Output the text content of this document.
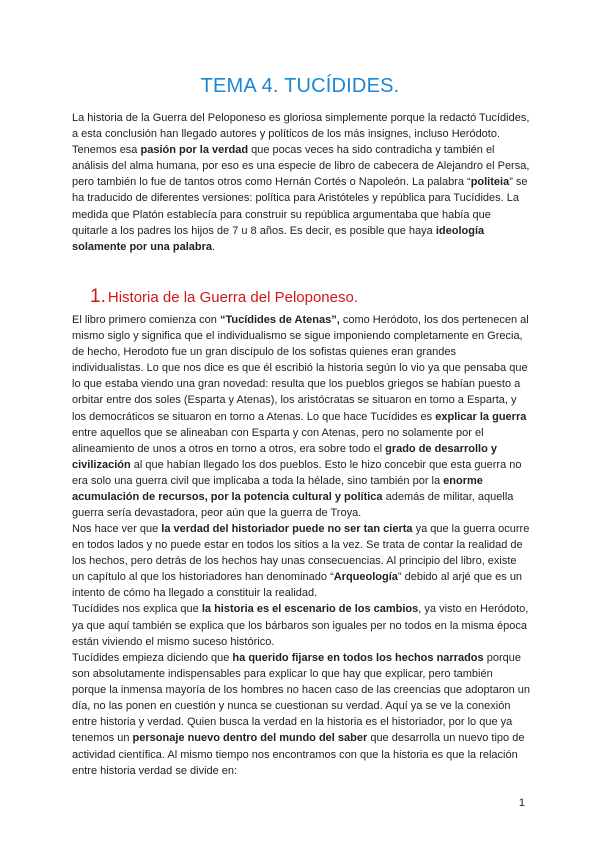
TEMA 4. TUCÍDIDES.

La historia de la Guerra del Peloponeso es gloriosa simplemente porque la redactó Tucídides, a esta conclusión han llegado autores y políticos de los más insignes, incluso Heródoto. Tenemos esa pasión por la verdad que pocas veces ha sido contradicha y también el análisis del alma humana, por eso es una especie de libro de cabecera de Alejandro el Persa, pero también lo fue de tantos otros como Hernán Cortés o Napoleón. La palabra “politeia” se ha traducido de diferentes versiones: política para Aristóteles y república para Tucídides. La medida que Platón establecía para construir su república argumentaba que había que quitarle a los padres los hijos de 7 u 8 años. Es decir, es posible que haya ideología solamente por una palabra.

1. Historia de la Guerra del Peloponeso.

El libro primero comienza con “Tucídides de Atenas”, como Heródoto, los dos pertenecen al mismo siglo y significa que el individualismo se sigue imponiendo completamente en Grecia, de hecho, Herodoto fue un gran discípulo de los sofistas quienes eran grandes individualistas. Lo que nos dice es que él escribió la historia según lo vio ya que pensaba que lo que estaba viendo una gran novedad: resulta que los pueblos griegos se habían puesto a orbitar entre dos soles (Esparta y Atenas), los aristócratas se situaron en torno a Esparta, y los democráticos se situaron en torno a Atenas. Lo que hace Tucídides es explicar la guerra entre aquellos que se alineaban con Esparta y con Atenas, pero no solamente por el alineamiento de unos a otros en torno a otros, era sobre todo el grado de desarrollo y civilización al que habían llegado los dos pueblos. Esto le hizo concebir que esta guerra no era solo una guerra civil que implicaba a toda la hélade, sino también por la enorme acumulación de recursos, por la potencia cultural y política además de militar, aquella guerra sería devastadora, peor aún que la guerra de Troya.

Nos hace ver que la verdad del historiador puede no ser tan cierta ya que la guerra ocurre en todos lados y no puede estar en todos los sitios a la vez. Se trata de contar la realidad de los hechos, pero detrás de los hechos hay unas consecuencias. Al principio del libro, existe un capítulo al que los historiadores han denominado “Arqueología” debido al arjé que es un intento de cómo ha llegado a constituir la realidad.
Tucídides nos explica que la historia es el escenario de los cambios, ya visto en Heródoto, ya que aquí también se explica que los bárbaros son iguales per no todos en la misma época están viviendo el mismo suceso histórico.

Tucídides empieza diciendo que ha querido fijarse en todos los hechos narrados porque son absolutamente indispensables para explicar lo que hay que explicar, pero también porque la inmensa mayoría de los hombres no hacen caso de las creencias que adoptaron un día, no las ponen en cuestión y nunca se cuestionan su verdad. Aquí ya se ve la conexión entre historia y verdad. Quien busca la verdad en la historia es el historiador, por lo que ya tenemos un personaje nuevo dentro del mundo del saber que desarrolla un nuevo tipo de actividad científica. Al mismo tiempo nos encontramos con que la historia es que la relación entre historia verdad se divide en:

1
